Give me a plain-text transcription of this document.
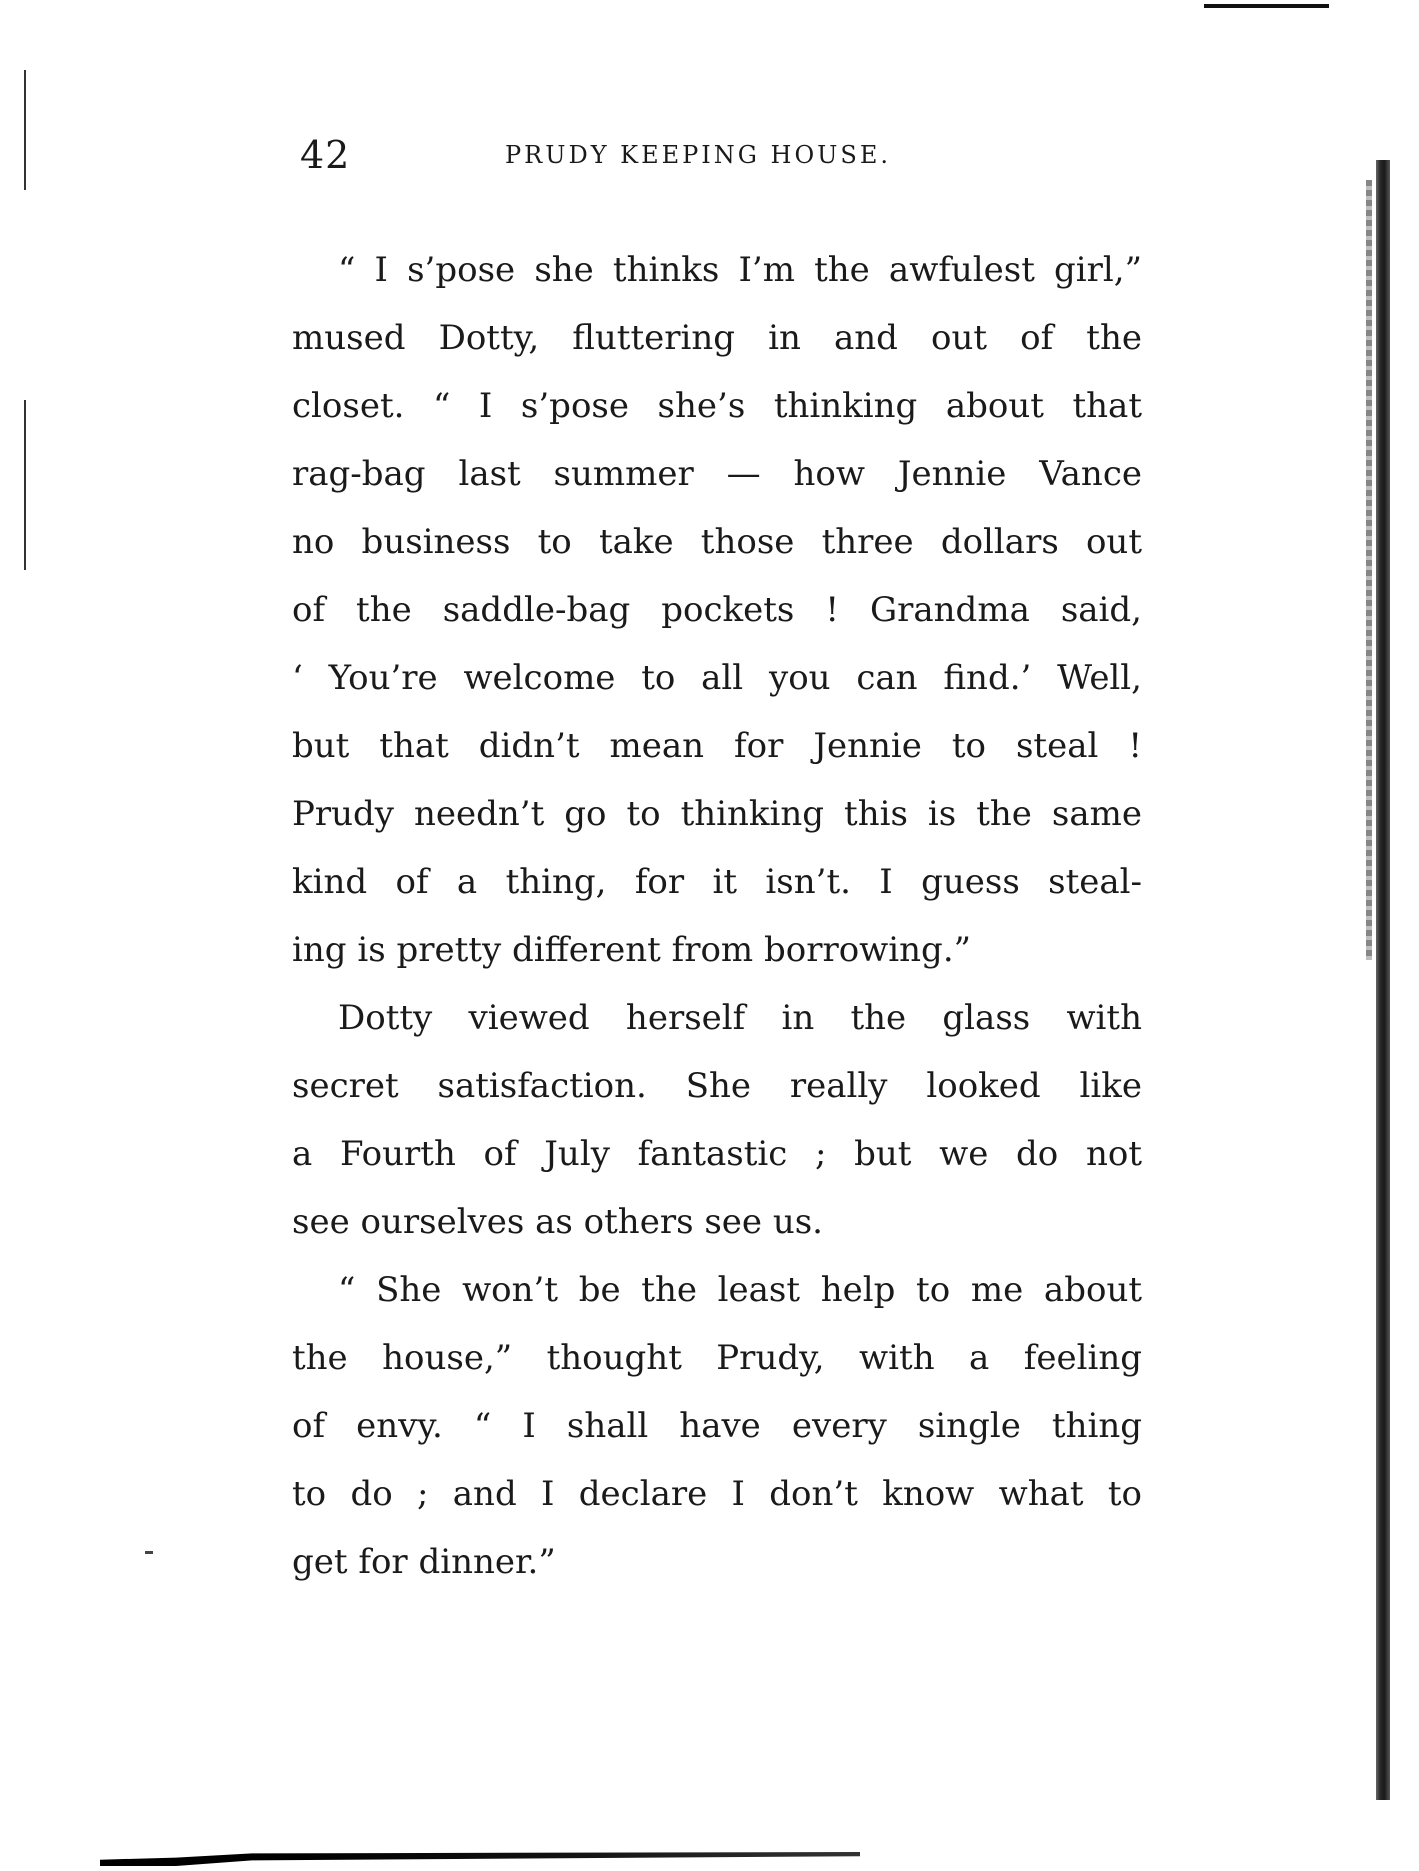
42	PRUDY KEEPING HOUSE.
“ I s’pose she thinks I’m the awfulest girl,”
mused Dotty, fluttering in and out of the
closet. “ I s’pose she’s thinking about that
rag-bag last summer — how Jennie Vance
no business to take those three dollars out
of the saddle-bag pockets ! Grandma said,
‘ You’re welcome to all you can find.’ Well,
but that didn’t mean for Jennie to steal !
Prudy needn’t go to thinking this is the same
kind of a thing, for it isn’t. I guess steal-
ing is pretty different from borrowing.”
Dotty viewed herself in the glass with
secret satisfaction. She really looked like
a Fourth of July fantastic ; but we do not
see ourselves as others see us.
“ She won’t be the least help to me about
the house,” thought Prudy, with a feeling
of envy. “ I shall have every single thing
to do ; and I declare I don’t know what to
get for dinner.”
